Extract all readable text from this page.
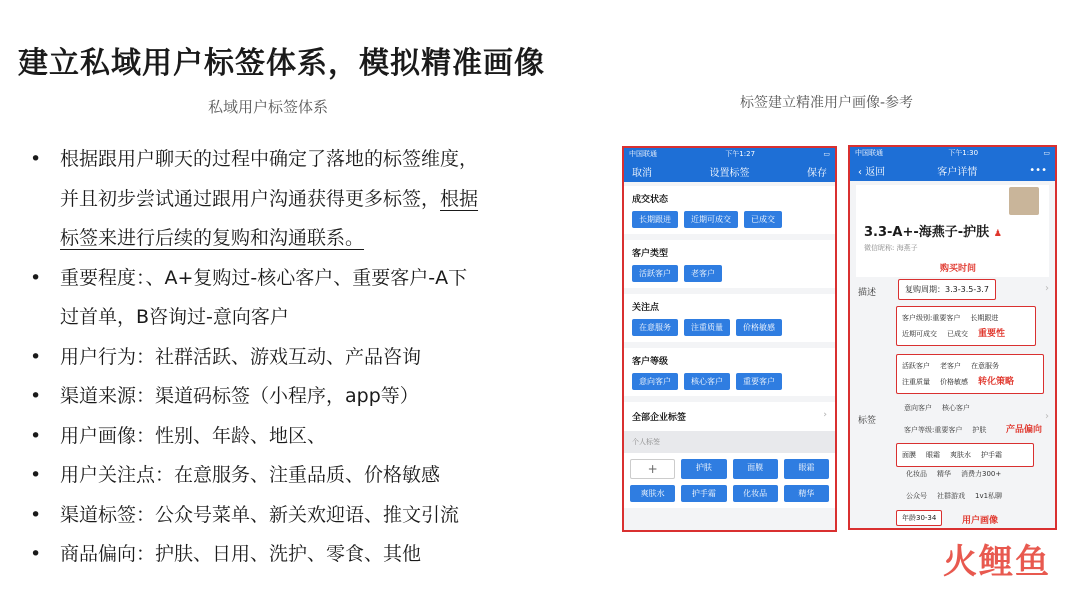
建立私域用户标签体系，模拟精准画像
私域用户标签体系	标签建立精准用户画像-参考
• 根据跟用户聊天的过程中确定了落地的标签维度，
并且初步尝试通过跟用户沟通获得更多标签，根据
标签来进行后续的复购和沟通联系。
• 重要程度：、A+复购过-核心客户、重要客户-A下
过首单，B咨询过-意向客户
• 用户行为：社群活跃、游戏互动、产品咨询
• 渠道来源：渠道码标签（小程序，app等）
• 用户画像：性别、年龄、地区、
• 用户关注点：在意服务、注重品质、价格敏感
• 渠道标签：公众号菜单、新关欢迎语、推文引流
• 商品偏向：护肤、日用、洗护、零食、其他
中国联通	下午1:27	▭
取消	设置标签	保存
成交状态
长期跟进	近期可成交	已成交
客户类型
活跃客户	老客户
关注点
在意服务	注重质量	价格敏感
客户等级
意向客户	核心客户	重要客户
全部企业标签	›
个人标签
+	护肤	面膜	眼霜
爽肤水	护手霜	化妆品	精华
中国联通	下午1:30	▭
‹ 返回	客户详情	•••
3.3-A+-海燕子-护肤 ♟
微信昵称: 海燕子
购买时间
描述	复购周期：3.3-3.5-3.7	›
客户级别:重要客户 长期跟进
近期可成交 已成交 重要性
活跃客户 老客户 在意服务
注重质量 价格敏感 转化策略
意向客户 核心客户
标签	›
客户等级:重要客户 护肤 产品偏向
面膜 眼霜 爽肤水 护手霜
化妆品 精华 消费力300+
公众号 社群游戏 1v1私聊
年龄30-34	用户画像
火鲤鱼
